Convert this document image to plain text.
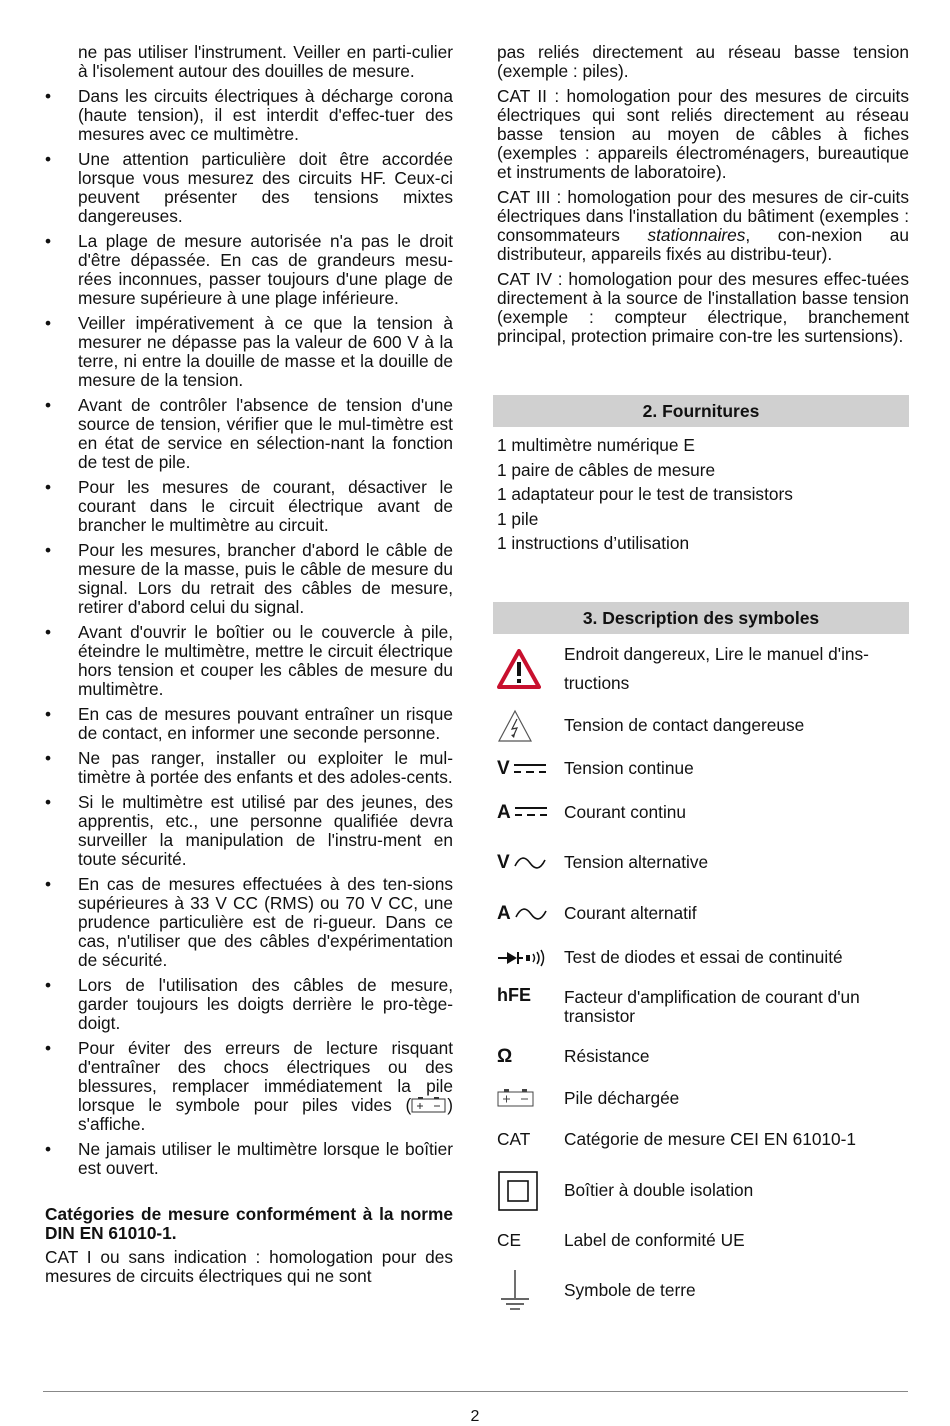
ne pas utiliser l'instrument. Veiller en parti-culier à l'isolement autour des douilles de mesure.
• Dans les circuits électriques à décharge corona (haute tension), il est interdit d'effec-tuer des mesures avec ce multimètre.
• Une attention particulière doit être accordée lorsque vous mesurez des circuits HF. Ceux-ci peuvent présenter des tensions mixtes dangereuses.
• La plage de mesure autorisée n'a pas le droit d'être dépassée. En cas de grandeurs mesu-rées inconnues, passer toujours d'une plage de mesure supérieure à une plage inférieure.
• Veiller impérativement à ce que la tension à mesurer ne dépasse pas la valeur de 600 V à la terre, ni entre la douille de masse et la douille de mesure de la tension.
• Avant de contrôler l'absence de tension d'une source de tension, vérifier que le mul-timètre est en état de service en sélection-nant la fonction de test de pile.
• Pour les mesures de courant, désactiver le courant dans le circuit électrique avant de brancher le multimètre au circuit.
• Pour les mesures, brancher d'abord le câble de mesure de la masse, puis le câble de mesure du signal. Lors du retrait des câbles de mesure, retirer d'abord celui du signal.
• Avant d'ouvrir le boîtier ou le couvercle à pile, éteindre le multimètre, mettre le circuit électrique hors tension et couper les câbles de mesure du multimètre.
• En cas de mesures pouvant entraîner un risque de contact, en informer une seconde personne.
• Ne pas ranger, installer ou exploiter le mul-timètre à portée des enfants et des adoles-cents.
• Si le multimètre est utilisé par des jeunes, des apprentis, etc., une personne qualifiée devra surveiller la manipulation de l'instru-ment en toute sécurité.
• En cas de mesures effectuées à des ten-sions supérieures à 33 V CC (RMS) ou 70 V CC, une prudence particulière est de ri-gueur. Dans ce cas, n'utiliser que des câbles d'expérimentation de sécurité.
• Lors de l'utilisation des câbles de mesure, garder toujours les doigts derrière le pro-tège-doigt.
• Pour éviter des erreurs de lecture risquant d'entraîner des chocs électriques ou des blessures, remplacer immédiatement la pile lorsque le symbole pour piles vides ( ) s'affiche.
• Ne jamais utiliser le multimètre lorsque le boîtier est ouvert.
Catégories de mesure conformément à la norme DIN EN 61010-1.
CAT I ou sans indication : homologation pour des mesures de circuits électriques qui ne sont
pas reliés directement au réseau basse tension (exemple : piles).
CAT II : homologation pour des mesures de circuits électriques qui sont reliés directement au réseau basse tension au moyen de câbles à fiches (exemples : appareils électroménagers, bureautique et instruments de laboratoire).
CAT III : homologation pour des mesures de cir-cuits électriques dans l'installation du bâtiment (exemples : consommateurs stationnaires, con-nexion au distributeur, appareils fixés au distribu-teur).
CAT IV : homologation pour des mesures effec-tuées directement à la source de l'installation basse tension (exemple : compteur électrique, branchement principal, protection primaire con-tre les surtensions).
2. Fournitures
1 multimètre numérique E
1 paire de câbles de mesure
1 adaptateur pour le test de transistors
1 pile
1 instructions d’utilisation
3. Description des symboles
	Endroit dangereux, Lire le manuel d'ins-tructions

	Tension de contact dangereuse

V	Tension continue

A	Courant continu

V	Tension alternative

A	Courant alternatif

	Test de diodes et essai de continuité
hFE	Facteur d'amplification de courant d'un transistor
Ω	Résistance

	Pile déchargée
CAT	Catégorie de mesure CEI EN 61010-1

	Boîtier à double isolation
CE	Label de conformité UE

	Symbole de terre
2
